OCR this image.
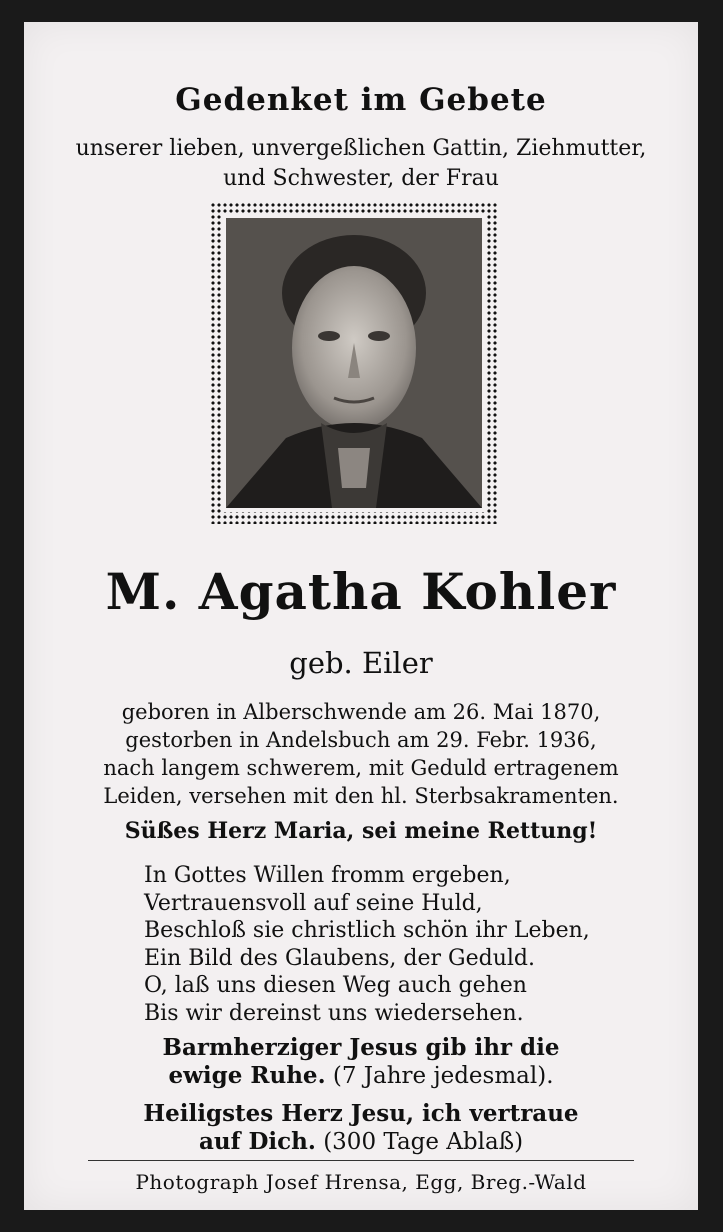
Gedenket im Gebete
unserer lieben, unvergeßlichen Gattin, Ziehmutter,
und Schwester, der Frau
M. Agatha Kohler
geb. Eiler
geboren in Alberschwende am 26. Mai 1870,
gestorben in Andelsbuch am 29. Febr. 1936,
nach langem schwerem, mit Geduld ertragenem
Leiden, versehen mit den hl. Sterbsakramenten.
Süßes Herz Maria, sei meine Rettung!
In Gottes Willen fromm ergeben,
Vertrauensvoll auf seine Huld,
Beschloß sie christlich schön ihr Leben,
Ein Bild des Glaubens, der Geduld.
O, laß uns diesen Weg auch gehen
Bis wir dereinst uns wiedersehen.
Barmherziger Jesus gib ihr die
ewige Ruhe. (7 Jahre jedesmal).
Heiligstes Herz Jesu, ich vertraue
auf Dich. (300 Tage Ablaß)
Photograph Josef Hrensa, Egg, Breg.-Wald
